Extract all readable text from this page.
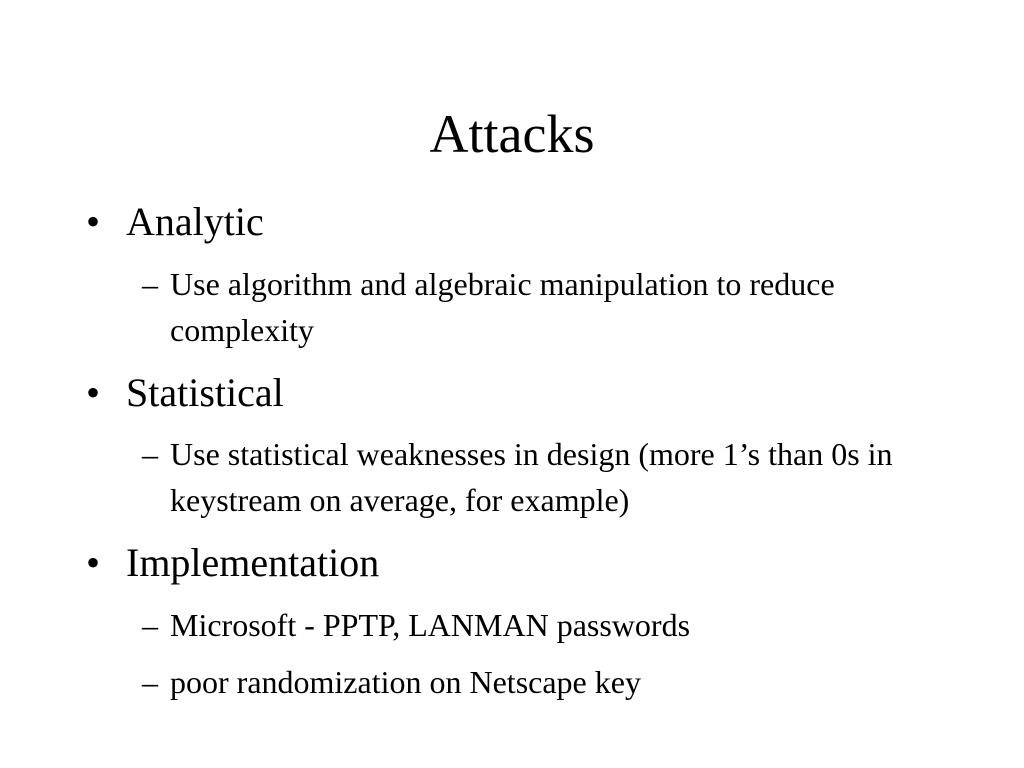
Attacks
• Analytic
– Use algorithm and algebraic manipulation to reduce complexity
• Statistical
– Use statistical weaknesses in design (more 1’s than 0s in keystream on average, for example)
• Implementation
– Microsoft - PPTP, LANMAN passwords
– poor randomization on Netscape key
